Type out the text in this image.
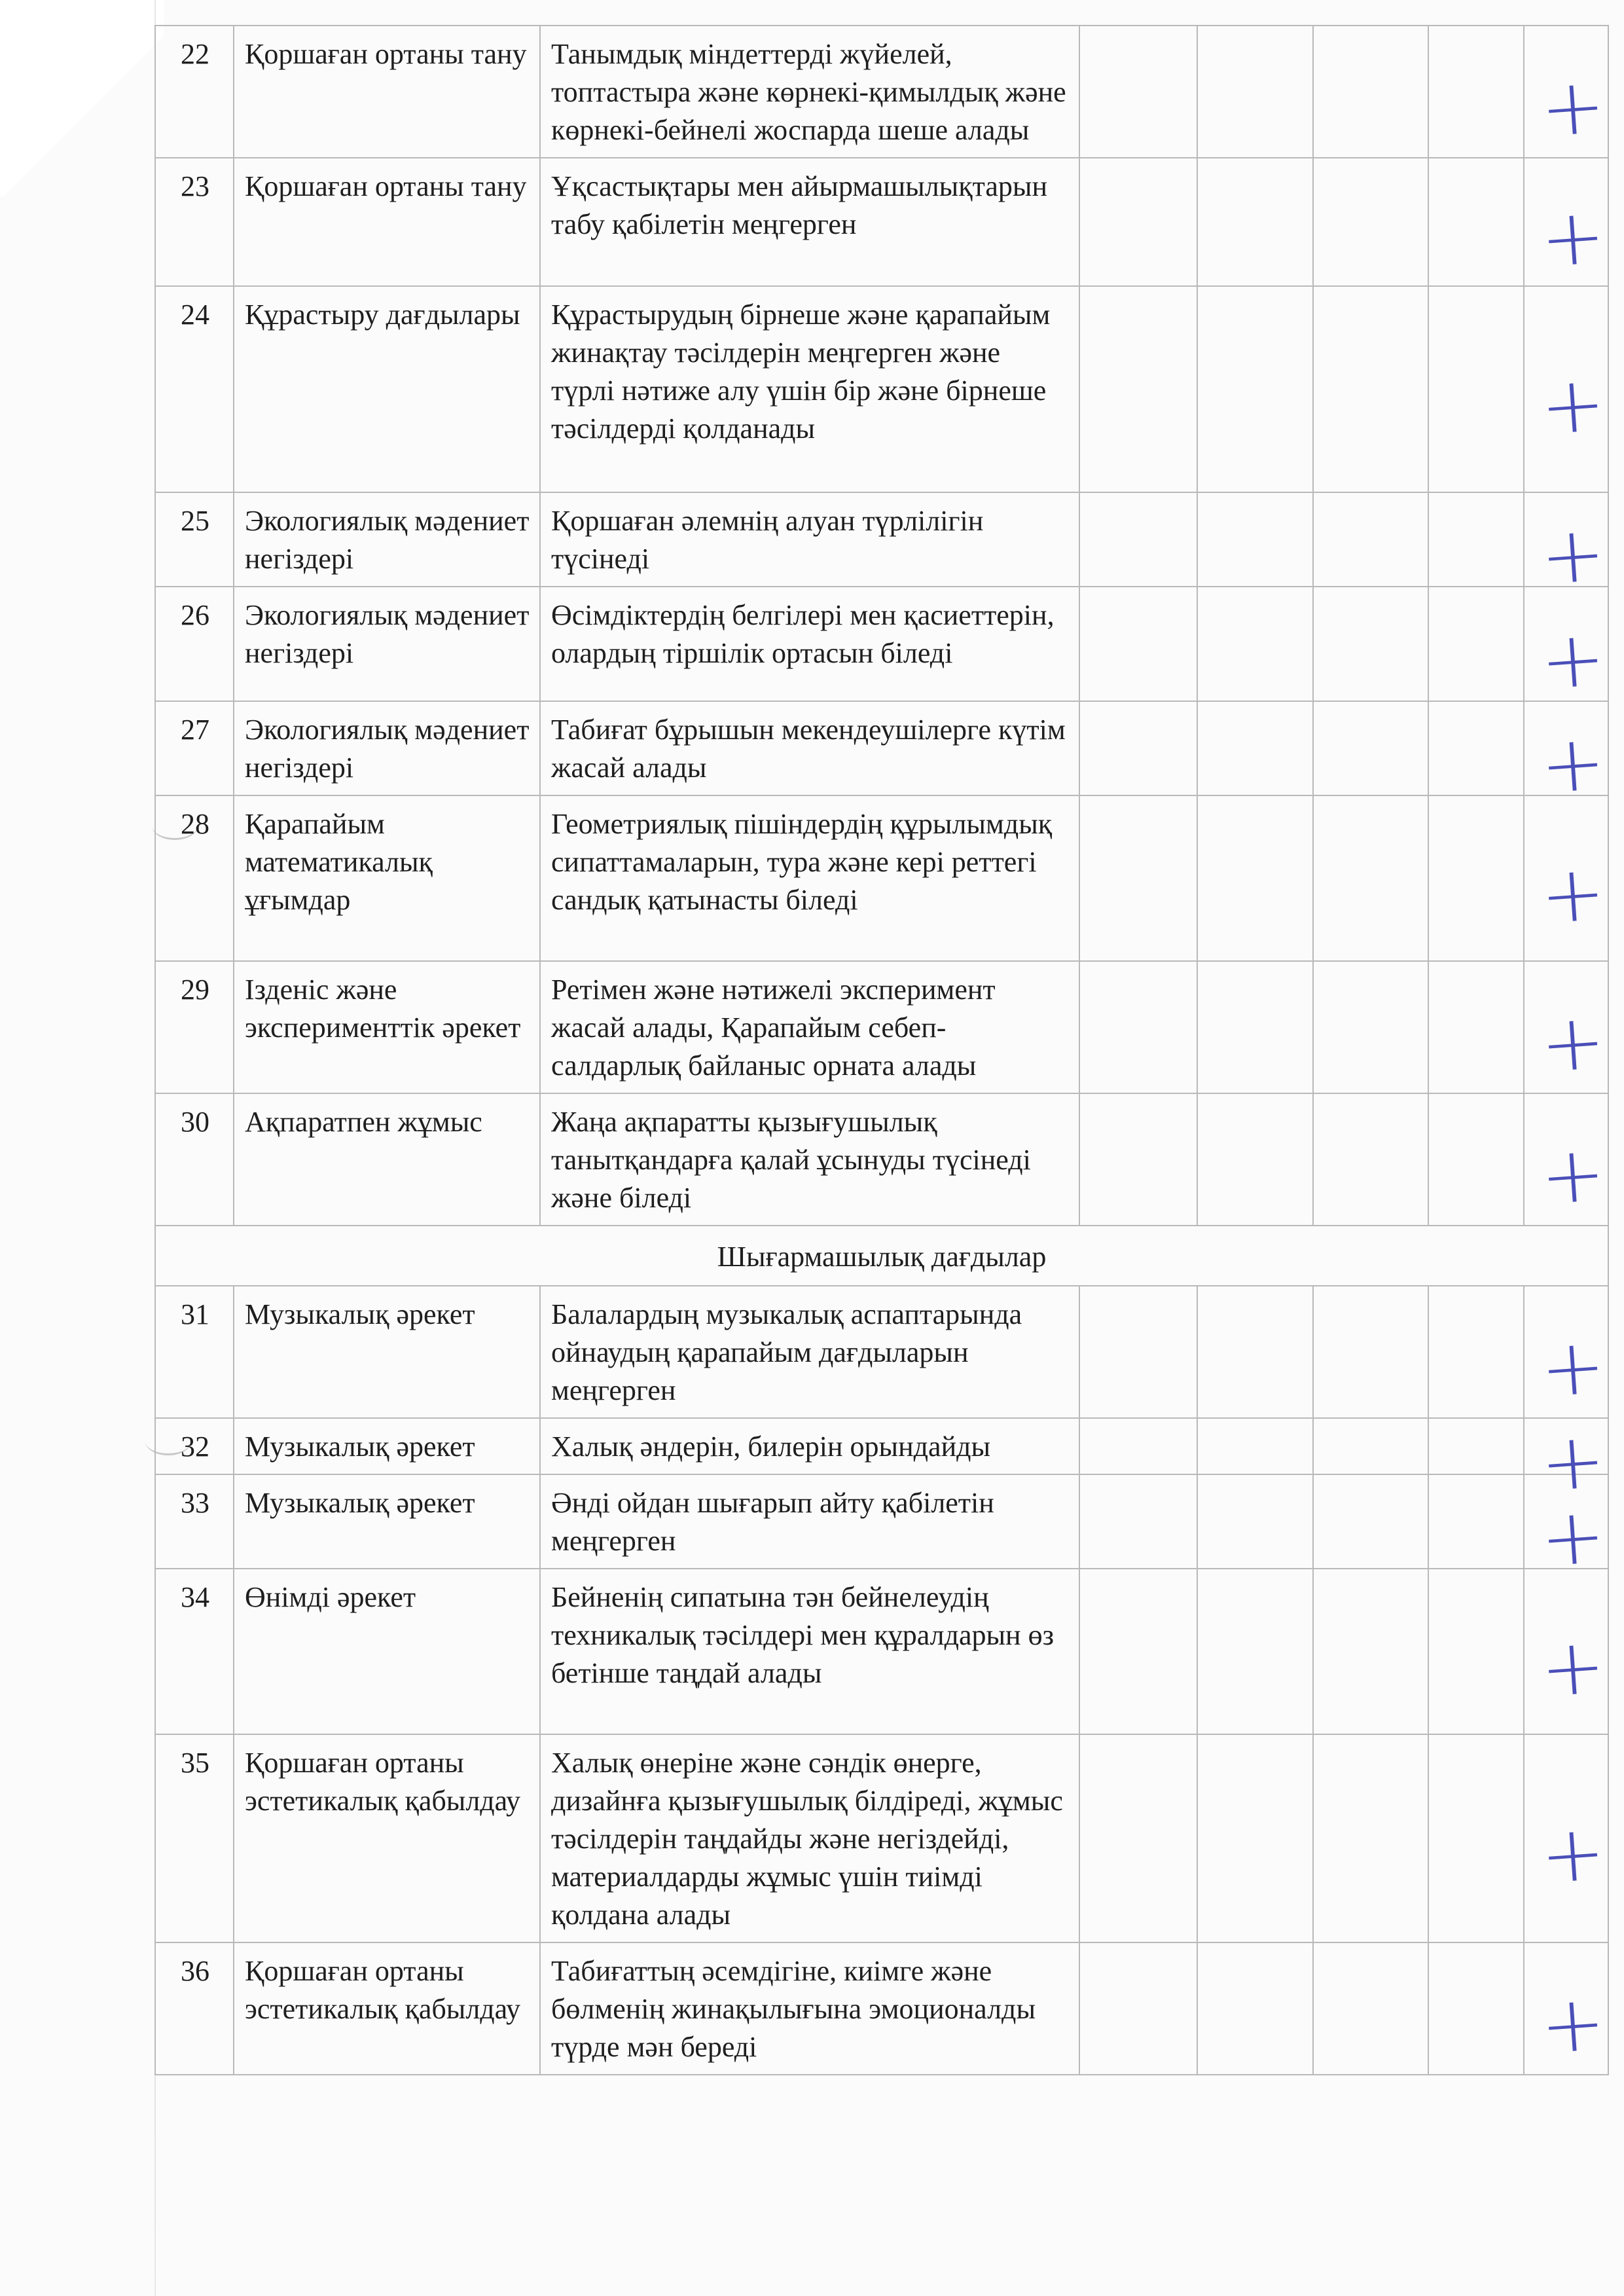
22	Қоршаған ортаны тану	Танымдық міндеттерді жүйелей, топтастыра және көрнекі-қимылдық және көрнекі-бейнелі жоспарда шеше алады					+

23	Қоршаған ортаны тану	Ұқсастықтары мен айырмашылықтарын табу қабілетін меңгерген					+

24	Құрастыру дағдылары	Құрастырудың бірнеше және қарапайым жинақтау тәсілдерін меңгерген және түрлі нәтиже алу үшін бір және бірнеше тәсілдерді қолданады					+

25	Экологиялық мәдениет негіздері	Қоршаған әлемнің алуан түрлілігін түсінеді					+

26	Экологиялық мәдениет негіздері	Өсімдіктердің белгілері мен қасиеттерін, олардың тіршілік ортасын біледі					+

27	Экологиялық мәдениет негіздері	Табиғат бұрышын мекендеушілерге күтім жасай алады					+

28	Қарапайым математикалық ұғымдар	Геометриялық пішіндердің құрылымдық сипаттамаларын, тура және кері реттегі сандық қатынасты біледі					+

29	Ізденіс және эксперименттік әрекет	Ретімен және нәтижелі эксперимент жасай алады, Қарапайым себеп-салдарлық байланыс орната алады					+

30	Ақпаратпен жұмыс	Жаңа ақпаратты қызығушылық танытқандарға қалай ұсынуды түсінеді және біледі					+

Шығармашылық дағдылар							
31	Музыкалық әрекет	Балалардың музыкалық аспаптарында ойнаудың қарапайым дағдыларын меңгерген					+

32	Музыкалық әрекет	Халық әндерін, билерін орындайды					+

33	Музыкалық әрекет	Әнді ойдан шығарып айту қабілетін меңгерген					+

34	Өнімді әрекет	Бейненің сипатына тән бейнелеудің техникалық тәсілдері мен құралдарын өз бетінше таңдай алады					+

35	Қоршаған ортаны эстетикалық қабылдау	Халық өнеріне және сәндік өнерге, дизайнға қызығушылық білдіреді, жұмыс тәсілдерін таңдайды және негіздейді, материалдарды жұмыс үшін тиімді қолдана алады					+

36	Қоршаған ортаны эстетикалық қабылдау	Табиғаттың әсемдігіне, киімге және бөлменің жинақылығына эмоционалды түрде мән береді					+
